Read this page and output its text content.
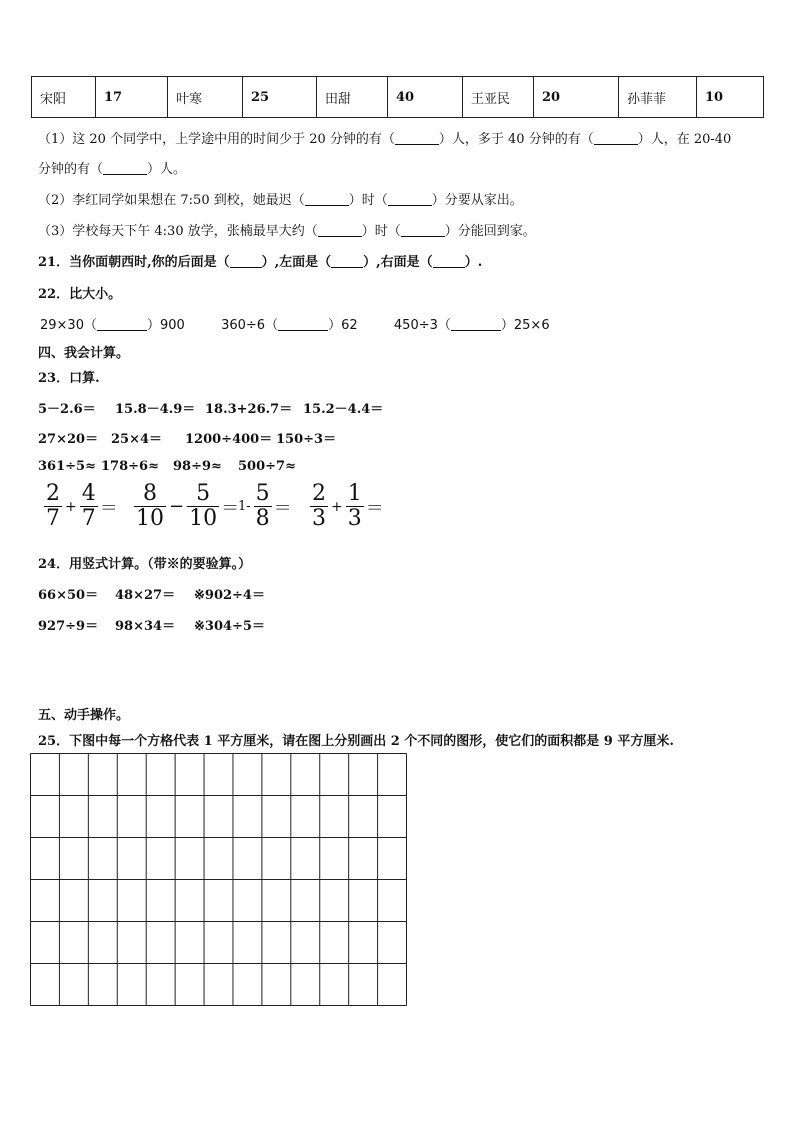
宋阳	17	叶寒	25	田甜	40	王亚民	20	孙菲菲	10
（1）这 20 个同学中，上学途中用的时间少于 20 分钟的有（	）人，多于 40 分钟的有（	）人，在 20-40
分钟的有（	）人。
（2）李红同学如果想在 7:50 到校，她最迟（	）时（	）分要从家出。
（3）学校每天下午 4:30 放学，张楠最早大约（	）时（	）分能回到家。
21．当你面朝西时,你的后面是（ ）,左面是（ ）,右面是（ ）.
22．比大小。
29×30（	）900	360÷6（	）62	450÷3（	）25×6
四、我会计算。
23．口算.
5－2.6＝ 15.8－4.9＝ 18.3+26.7＝ 15.2－4.4＝
27×20＝ 25×4＝ 1200÷400＝ 150÷3＝
361÷5≈ 178÷6≈ 98÷9≈ 500÷7≈
$\frac{2}{7} + \frac{4}{7} = \frac{8}{10} - \frac{5}{10}$ ＝
$1- \frac{5}{8} = \frac{2}{3} + \frac{1}{3}$ ＝
24．用竖式计算。（带※的要验算。）
66×50＝ 48×27＝ ※902÷4＝
927÷9＝ 98×34＝ ※304÷5＝
五、动手操作。
25．下图中每一个方格代表 1 平方厘米，请在图上分别画出 2 个不同的图形，使它们的面积都是 9 平方厘米.
